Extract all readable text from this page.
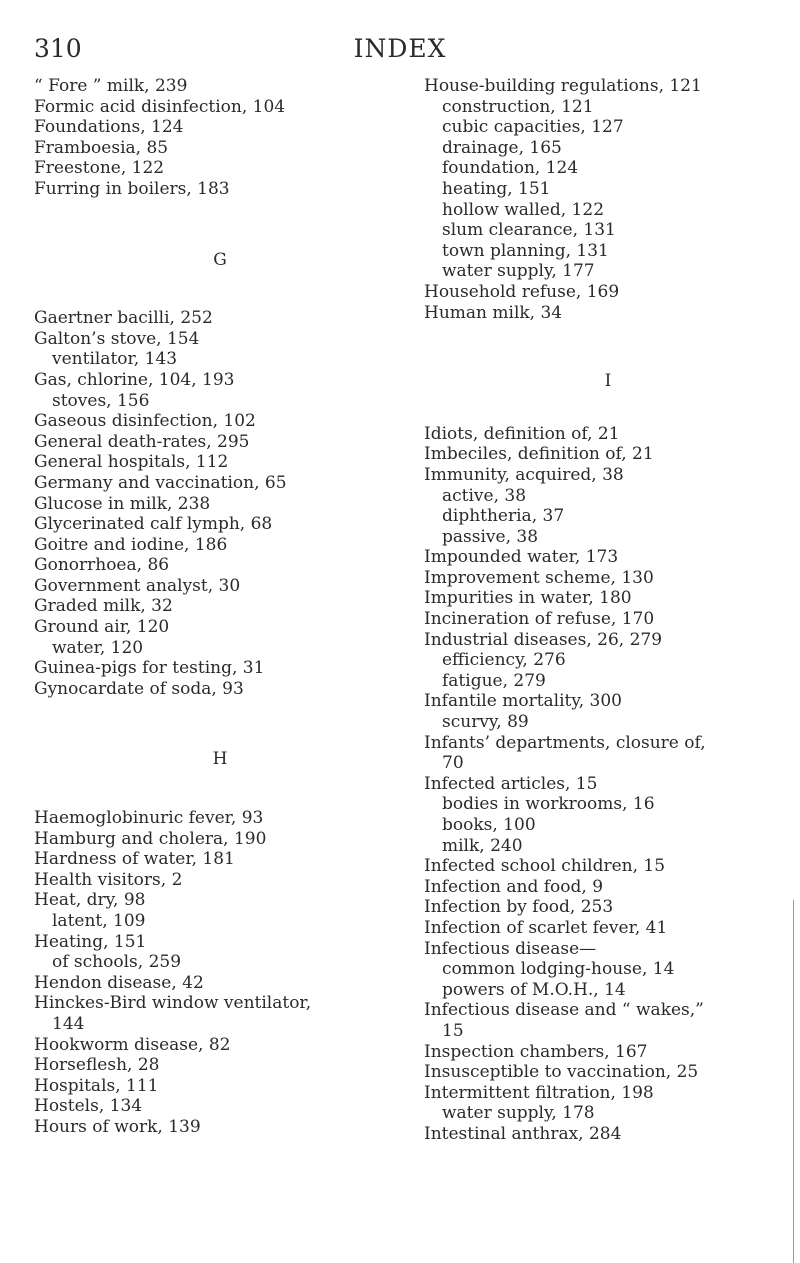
310	INDEX
“ Fore ” milk, 239
Formic acid disinfection, 104
Foundations, 124
Framboesia, 85
Freestone, 122
Furring in boilers, 183
G
Gaertner bacilli, 252
Galton’s stove, 154
ventilator, 143
Gas, chlorine, 104, 193
stoves, 156
Gaseous disinfection, 102
General death-rates, 295
General hospitals, 112
Germany and vaccination, 65
Glucose in milk, 238
Glycerinated calf lymph, 68
Goitre and iodine, 186
Gonorrhoea, 86
Government analyst, 30
Graded milk, 32
Ground air, 120
water, 120
Guinea-pigs for testing, 31
Gynocardate of soda, 93
H
Haemoglobinuric fever, 93
Hamburg and cholera, 190
Hardness of water, 181
Health visitors, 2
Heat, dry, 98
latent, 109
Heating, 151
of schools, 259
Hendon disease, 42
Hinckes-Bird window ventilator,
144
Hookworm disease, 82
Horseflesh, 28
Hospitals, 111
Hostels, 134
Hours of work, 139
House-building regulations, 121
construction, 121
cubic capacities, 127
drainage, 165
foundation, 124
heating, 151
hollow walled, 122
slum clearance, 131
town planning, 131
water supply, 177
Household refuse, 169
Human milk, 34
I
Idiots, definition of, 21
Imbeciles, definition of, 21
Immunity, acquired, 38
active, 38
diphtheria, 37
passive, 38
Impounded water, 173
Improvement scheme, 130
Impurities in water, 180
Incineration of refuse, 170
Industrial diseases, 26, 279
efficiency, 276
fatigue, 279
Infantile mortality, 300
scurvy, 89
Infants’ departments, closure of,
70
Infected articles, 15
bodies in workrooms, 16
books, 100
milk, 240
Infected school children, 15
Infection and food, 9
Infection by food, 253
Infection of scarlet fever, 41
Infectious disease—
common lodging-house, 14
powers of M.O.H., 14
Infectious disease and “ wakes,”
15
Inspection chambers, 167
Insusceptible to vaccination, 25
Intermittent filtration, 198
water supply, 178
Intestinal anthrax, 284
